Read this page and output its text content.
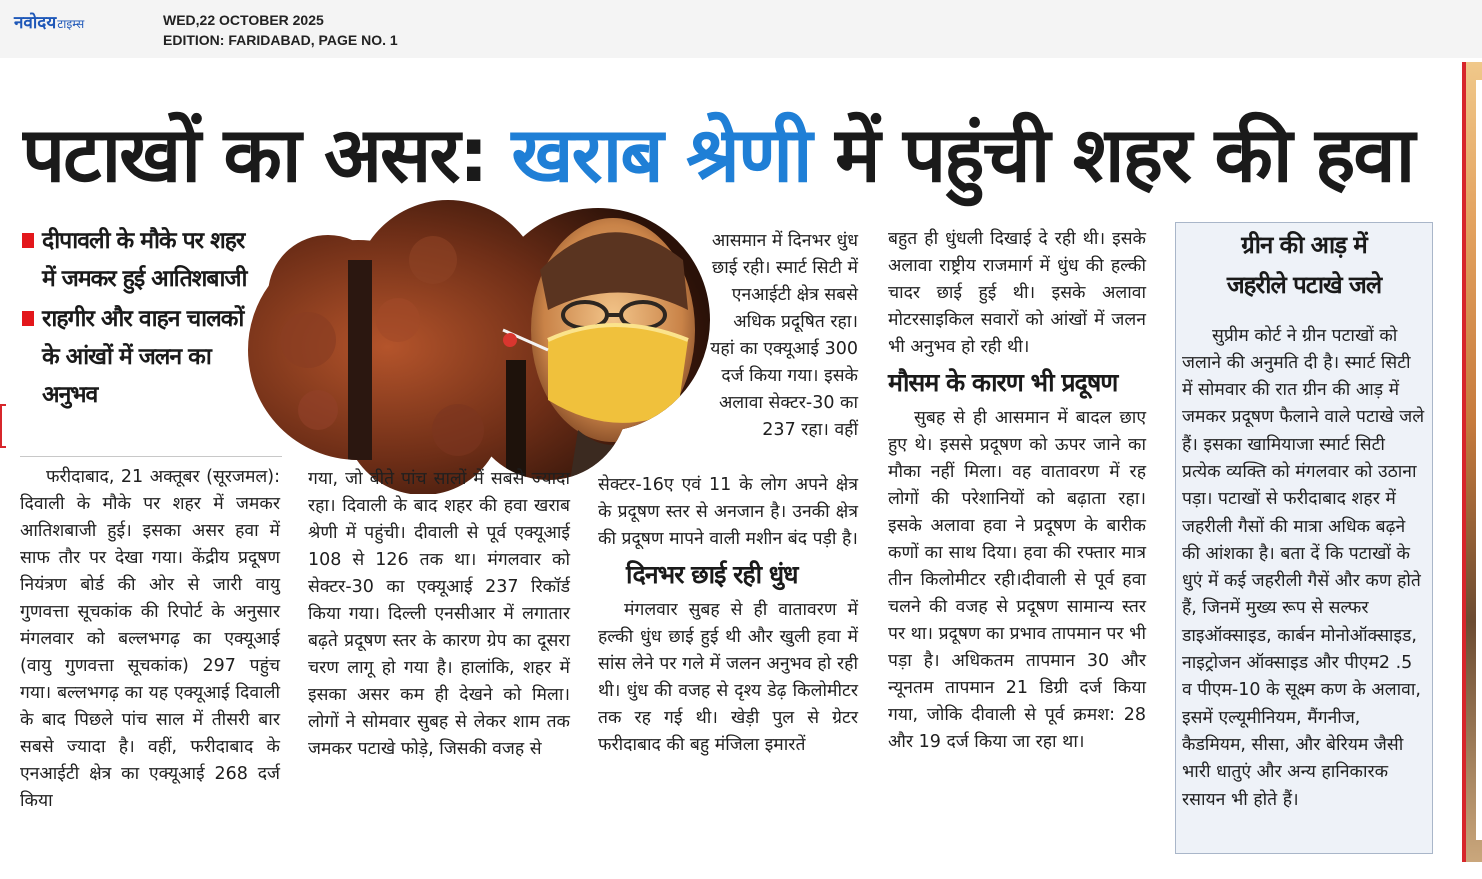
नवोदयटाइम्स	WED,22 OCTOBER 2025
EDITION: FARIDABAD, PAGE NO. 1
पटाखों का असर: खराब श्रेणी में पहुंची शहर की हवा
दीपावली के मौके पर शहर में जमकर हुई आतिशबाजी
राहगीर और वाहन चालकों के आंखों में जलन का अनुभव

फरीदाबाद, 21 अक्तूबर (सूरजमल): दिवाली के मौके पर शहर में जमकर आतिशबाजी हुई। इसका असर हवा में साफ तौर पर देखा गया। केंद्रीय प्रदूषण नियंत्रण बोर्ड की ओर से जारी वायु गुणवत्ता सूचकांक की रिपोर्ट के अनुसार मंगलवार को बल्लभगढ़ का एक्यूआई (वायु गुणवत्ता सूचकांक) 297 पहुंच गया। बल्लभगढ़ का यह एक्यूआई दिवाली के बाद पिछले पांच साल में तीसरी बार सबसे ज्यादा है। वहीं, फरीदाबाद के एनआईटी क्षेत्र का एक्यूआई 268 दर्ज किया

गया, जो बीते पांच सालों में सबसे ज्यादा रहा। दिवाली के बाद शहर की हवा खराब श्रेणी में पहुंची। दीवाली से पूर्व एक्यूआई 108 से 126 तक था। मंगलवार को सेक्टर-30 का एक्यूआई 237 रिकॉर्ड किया गया। दिल्ली एनसीआर में लगातार बढ़ते प्रदूषण स्तर के कारण ग्रेप का दूसरा चरण लागू हो गया है। हालांकि, शहर में इसका असर कम ही देखने को मिला। लोगों ने सोमवार सुबह से लेकर शाम तक जमकर पटाखे फोड़े, जिसकी वजह से

आसमान में दिनभर धुंध छाई रही। स्मार्ट सिटी में एनआईटी क्षेत्र सबसे अधिक प्रदूषित रहा। यहां का एक्यूआई 300 दर्ज किया गया। इसके अलावा सेक्टर-30 का 237 रहा। वहीं

सेक्टर-16ए एवं 11 के लोग अपने क्षेत्र के प्रदूषण स्तर से अनजान है। उनकी क्षेत्र की प्रदूषण मापने वाली मशीन बंद पड़ी है।

दिनभर छाई रही धुंध

मंगलवार सुबह से ही वातावरण में हल्की धुंध छाई हुई थी और खुली हवा में सांस लेने पर गले में जलन अनुभव हो रही थी। धुंध की वजह से दृश्य डेढ़ किलोमीटर तक रह गई थी। खेड़ी पुल से ग्रेटर फरीदाबाद की बहु मंजिला इमारतें

बहुत ही धुंधली दिखाई दे रही थी। इसके अलावा राष्ट्रीय राजमार्ग में धुंध की हल्की चादर छाई हुई थी। इसके अलावा मोटरसाइकिल सवारों को आंखों में जलन भी अनुभव हो रही थी।

मौसम के कारण भी प्रदूषण

सुबह से ही आसमान में बादल छाए हुए थे। इससे प्रदूषण को ऊपर जाने का मौका नहीं मिला। वह वातावरण में रह लोगों की परेशानियों को बढ़ाता रहा। इसके अलावा हवा ने प्रदूषण के बारीक कणों का साथ दिया। हवा की रफ्तार मात्र तीन किलोमीटर रही।दीवाली से पूर्व हवा चलने की वजह से प्रदूषण सामान्य स्तर पर था। प्रदूषण का प्रभाव तापमान पर भी पड़ा है। अधिकतम तापमान 30 और न्यूनतम तापमान 21 डिग्री दर्ज किया गया, जोकि दीवाली से पूर्व क्रमश: 28 और 19 दर्ज किया जा रहा था।

ग्रीन की आड़ में
जहरीले पटाखे जले

सुप्रीम कोर्ट ने ग्रीन पटाखों को जलाने की अनुमति दी है। स्मार्ट सिटी में सोमवार की रात ग्रीन की आड़ में जमकर प्रदूषण फैलाने वाले पटाखे जले हैं। इसका खामियाजा स्मार्ट सिटी प्रत्येक व्यक्ति को मंगलवार को उठाना पड़ा। पटाखों से फरीदाबाद शहर में जहरीली गैसों की मात्रा अधिक बढ़ने की आंशका है। बता दें कि पटाखों के धुएं में कई जहरीली गैसें और कण होते हैं, जिनमें मुख्य रूप से सल्फर डाइऑक्साइड, कार्बन मोनोऑक्साइड, नाइट्रोजन ऑक्साइड और पीएम2 .5 व पीएम-10 के सूक्ष्म कण के अलावा, इसमें एल्यूमीनियम, मैंगनीज, कैडमियम, सीसा, और बेरियम जैसी भारी धातुएं और अन्य हानिकारक रसायन भी होते हैं।
